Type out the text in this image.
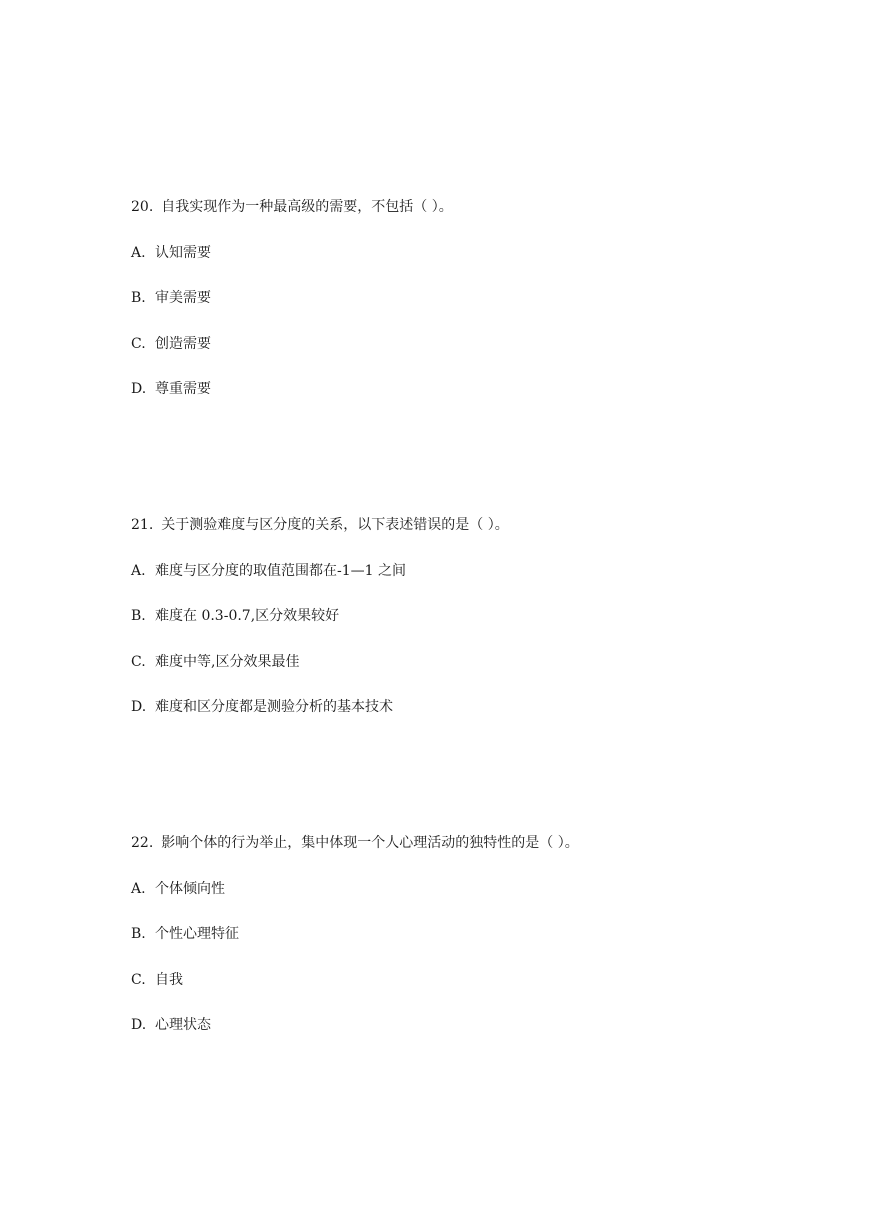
20. 自我实现作为一种最高级的需要，不包括（ ）。
A. 认知需要
B. 审美需要
C. 创造需要
D. 尊重需要
21. 关于测验难度与区分度的关系，以下表述错误的是（ ）。
A. 难度与区分度的取值范围都在-1—1 之间
B. 难度在 0.3-0.7,区分效果较好
C. 难度中等,区分效果最佳
D. 难度和区分度都是测验分析的基本技术
22. 影响个体的行为举止，集中体现一个人心理活动的独特性的是（ ）。
A. 个体倾向性
B. 个性心理特征
C. 自我
D. 心理状态
